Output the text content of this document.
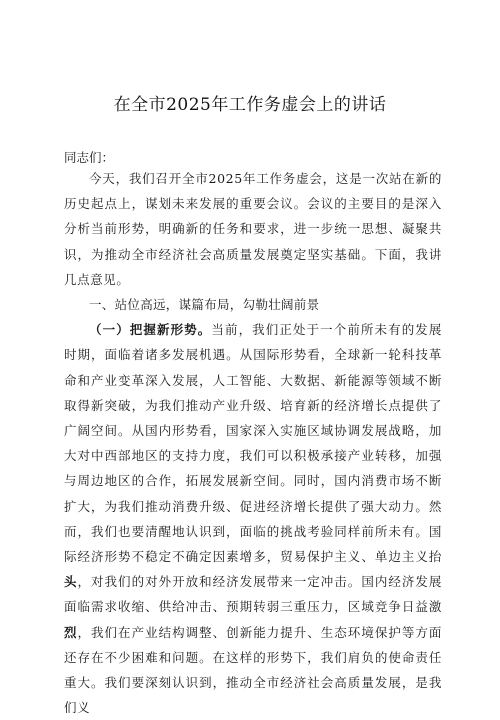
在全市2025年工作务虚会上的讲话
同志们：

今天，我们召开全市2025年工作务虚会，这是一次站在新的历史起点上，谋划未来发展的重要会议。会议的主要目的是深入分析当前形势，明确新的任务和要求，进一步统一思想、凝聚共识，为推动全市经济社会高质量发展奠定坚实基础。下面，我讲几点意见。

一、站位高远，谋篇布局，勾勒壮阔前景

（一）把握新形势。当前，我们正处于一个前所未有的发展时期，面临着诸多发展机遇。从国际形势看，全球新一轮科技革命和产业变革深入发展，人工智能、大数据、新能源等领域不断取得新突破，为我们推动产业升级、培育新的经济增长点提供了广阔空间。从国内形势看，国家深入实施区域协调发展战略，加大对中西部地区的支持力度，我们可以积极承接产业转移，加强与周边地区的合作，拓展发展新空间。同时，国内消费市场不断扩大，为我们推动消费升级、促进经济增长提供了强大动力。然而，我们也要清醒地认识到，面临的挑战考验同样前所未有。国际经济形势不稳定不确定因素增多，贸易保护主义、单边主义抬头，对我们的对外开放和经济发展带来一定冲击。国内经济发展面临需求收缩、供给冲击、预期转弱三重压力，区域竞争日益激烈，我们在产业结构调整、创新能力提升、生态环境保护等方面还存在不少困难和问题。在这样的形势下，我们肩负的使命责任重大。我们要深刻认识到，推动全市经济社会高质量发展，是我们义
